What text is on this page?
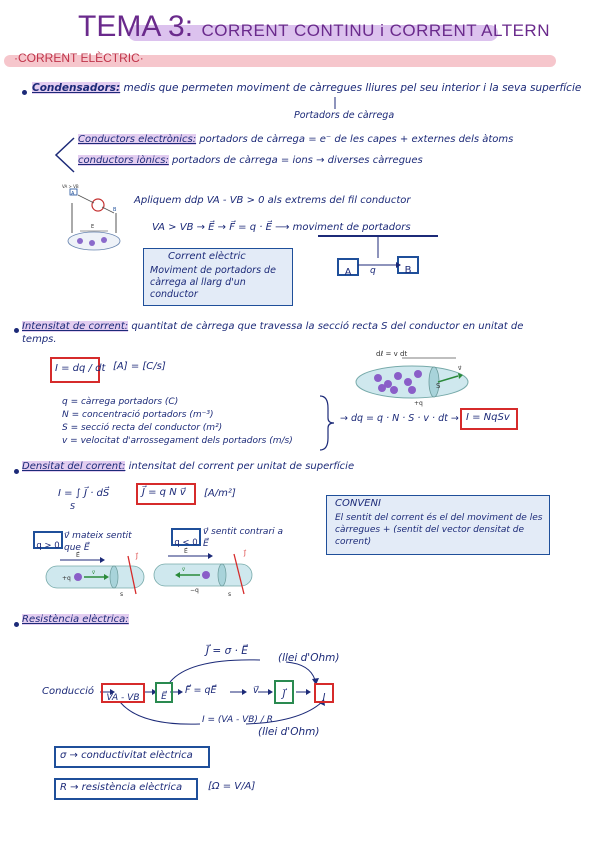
TEMA 3: CORRENT CONTINU i CORRENT ALTERN
·CORRENT ELÈCTRIC·
Condensadors: medis que permeten moviment de càrregues lliures pel seu interior i la seva superfície
Portadors de càrrega
Conductors electrònics: portadors de càrrega = e⁻ de les capes + externes dels àtoms
conductors iònics: portadors de càrrega = ions → diverses càrregues
VA > VB
A
B
E
Apliquem ddp VA - VB > 0 als extrems del fil conductor
VA > VB → E⃗ → F⃗ = q · E⃗ ⟶ moviment de portadors
Corrent elèctric
Moviment de portadors de càrrega al llarg d'un conductor
A	B
q
Intensitat de corrent: quantitat de càrrega que travessa la secció recta S del conductor en unitat de temps.
I = dq / dt [A] = [C/s]
dℓ = v dt
S
+q
v⃗
q = càrrega portadors (C)
N = concentració portadors (m⁻³)
S = secció recta del conductor (m²)
v = velocitat d'arrossegament dels portadors (m/s)
→ dq = q · N · S · v · dt → I = NqSv
Densitat del corrent: intensitat del corrent per unitat de superfície
I = ∫ J⃗ · dS⃗
S
J⃗ = q N v⃗ [A/m²]
CONVENI
El sentit del corrent és el del moviment de les càrregues + (sentit del vector densitat de corrent)
q > 0
v⃗ mateix sentit que E⃗	q < 0
v⃗ sentit contrari a E⃗
E⃗	J⃗
+q
v⃗
s
E⃗	J⃗
−q
v⃗
s
Resistència elèctrica:
J⃗ = σ · E⃗
(llei d'Ohm)
Conducció
VA - VB	E⃗
F⃗ = qE⃗	v⃗	J⃗	I
I = (VA - VB) / R
(llei d'Ohm)
σ → conductivitat elèctrica
R → resistència elèctrica	[Ω = V/A]
